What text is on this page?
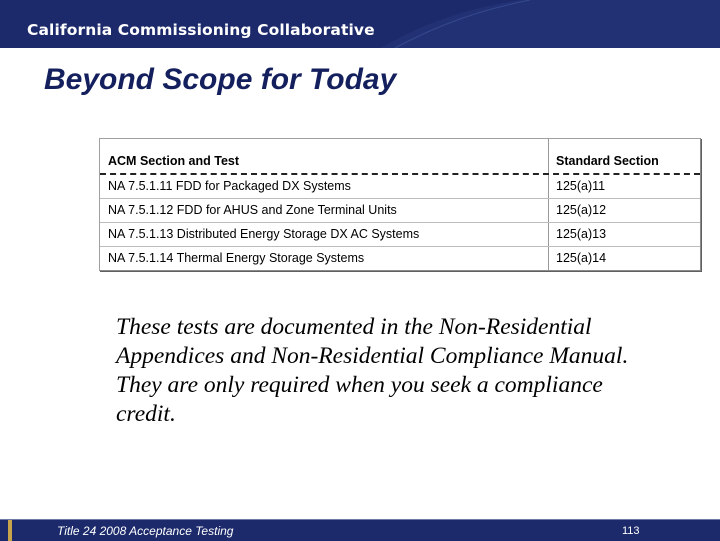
California Commissioning Collaborative
Beyond Scope for Today
ACM Section and Test	Standard Section
NA 7.5.1.11 FDD for Packaged DX Systems	125(a)11
NA 7.5.1.12 FDD for AHUS and Zone Terminal Units	125(a)12
NA 7.5.1.13 Distributed Energy Storage DX AC Systems	125(a)13
NA 7.5.1.14 Thermal Energy Storage Systems	125(a)14
These tests are documented in the Non-Residential Appendices and Non-Residential Compliance Manual. They are only required when you seek a compliance credit.
Title 24 2008 Acceptance Testing	113
